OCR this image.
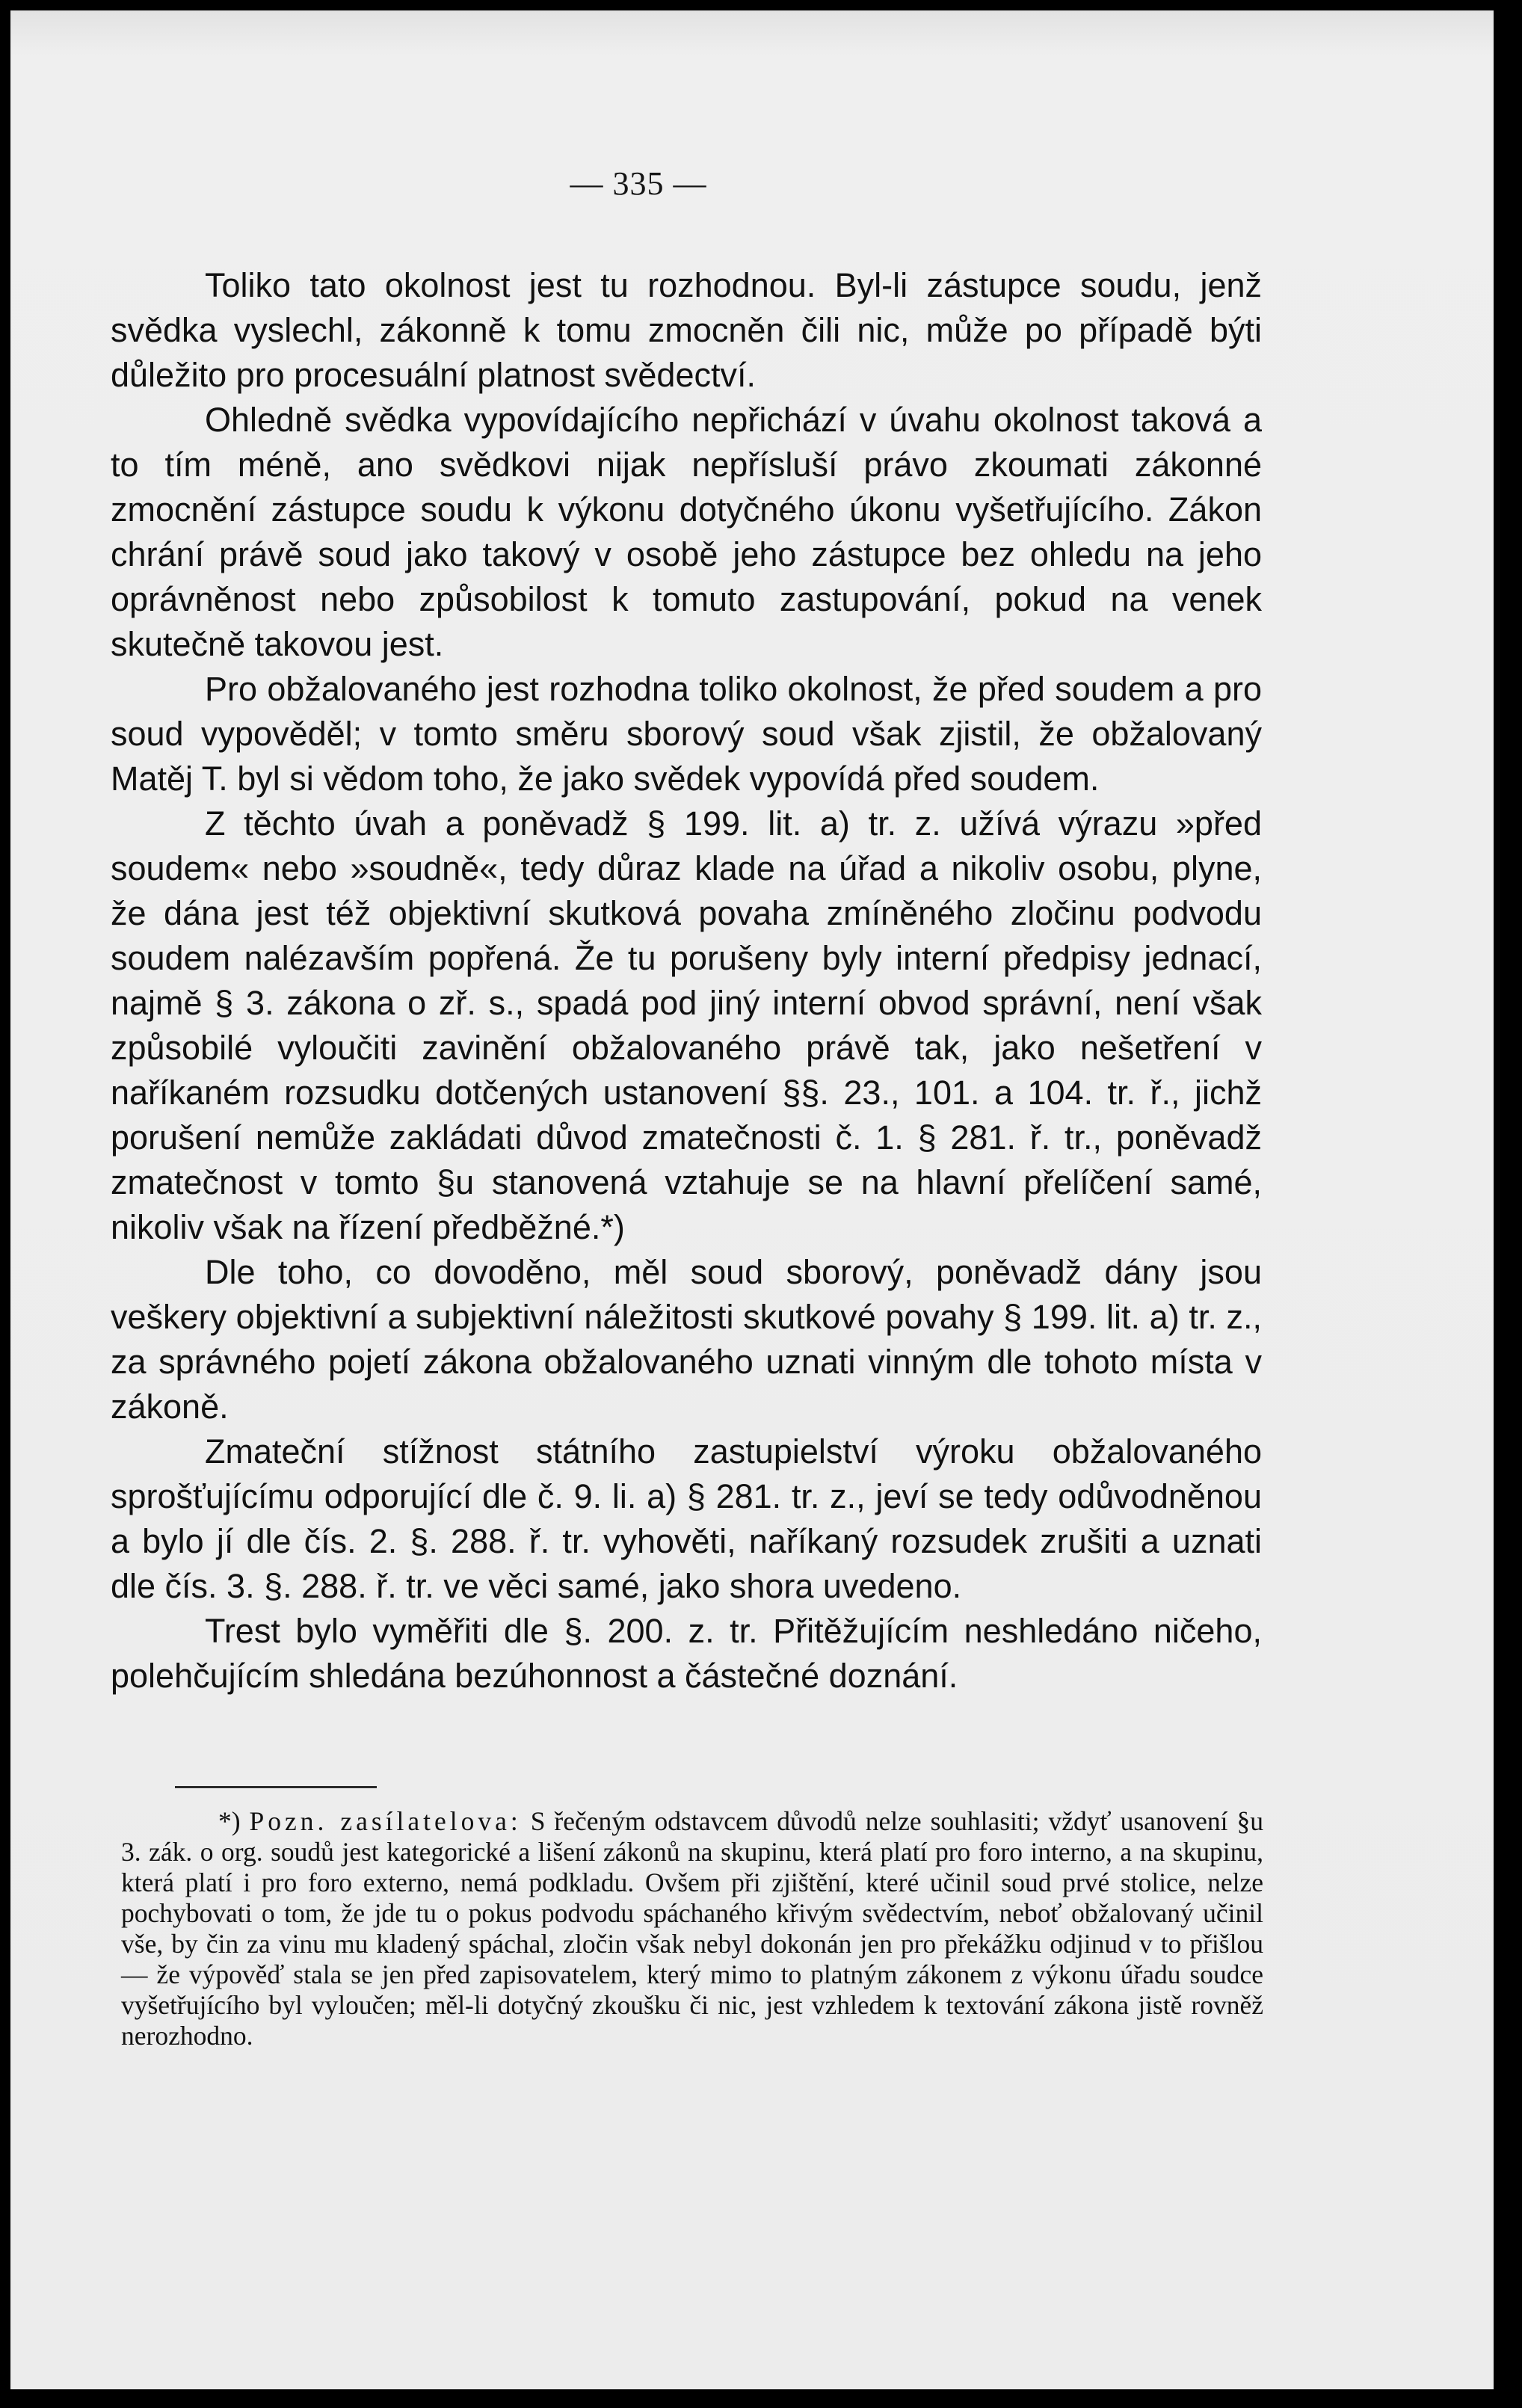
— 335 —

Toliko tato okolnost jest tu rozhodnou. Byl-li zástupce soudu, jenž svědka vyslechl, zákonně k tomu zmocněn čili nic, může po případě býti důležito pro procesuální platnost svědectví.

Ohledně svědka vypovídajícího nepřichází v úvahu okolnost taková a to tím méně, ano svědkovi nijak nepřísluší právo zkoumati zákonné zmocnění zástupce soudu k výkonu dotyčného úkonu vyšetřujícího. Zákon chrání právě soud jako takový v osobě jeho zástupce bez ohledu na jeho oprávněnost nebo způsobilost k tomuto zastupování, pokud na venek skutečně takovou jest.

Pro obžalovaného jest rozhodna toliko okolnost, že před soudem a pro soud vypověděl; v tomto směru sborový soud však zjistil, že obžalovaný Matěj T. byl si vědom toho, že jako svědek vypovídá před soudem.

Z těchto úvah a poněvadž § 199. lit. a) tr. z. užívá výrazu »před soudem« nebo »soudně«, tedy důraz klade na úřad a nikoliv osobu, plyne, že dána jest též objektivní skutková povaha zmíněného zločinu podvodu soudem nalézavším popřená. Že tu porušeny byly interní předpisy jednací, najmě § 3. zákona o zř. s., spadá pod jiný interní obvod správní, není však způsobilé vyloučiti zavinění obžalovaného právě tak, jako nešetření v naříkaném rozsudku dotčených ustanovení §§. 23., 101. a 104. tr. ř., jichž porušení nemůže zakládati důvod zmatečnosti č. 1. § 281. ř. tr., poněvadž zmatečnost v tomto §u stanovená vztahuje se na hlavní přelíčení samé, nikoliv však na řízení předběžné.*)

Dle toho, co dovoděno, měl soud sborový, poněvadž dány jsou veškery objektivní a subjektivní náležitosti skutkové povahy § 199. lit. a) tr. z., za správného pojetí zákona obžalovaného uznati vinným dle tohoto místa v zákoně.

Zmateční stížnost státního zastupielství výroku obžalovaného sprošťujícímu odporující dle č. 9. li. a) § 281. tr. z., jeví se tedy odůvodněnou a bylo jí dle čís. 2. §. 288. ř. tr. vyhověti, naříkaný rozsudek zrušiti a uznati dle čís. 3. §. 288. ř. tr. ve věci samé, jako shora uvedeno.

Trest bylo vyměřiti dle §. 200. z. tr. Přitěžujícím neshledáno ničeho, polehčujícím shledána bezúhonnost a částečné doznání.

*) Pozn. zasílatelova: S řečeným odstavcem důvodů nelze souhlasiti; vždyť usanovení §u 3. zák. o org. soudů jest kategorické a lišení zákonů na skupinu, která platí pro foro interno, a na skupinu, která platí i pro foro externo, nemá podkladu. Ovšem při zjištění, které učinil soud prvé stolice, nelze pochybovati o tom, že jde tu o pokus podvodu spáchaného křivým svědectvím, neboť obžalovaný učinil vše, by čin za vinu mu kladený spáchal, zločin však nebyl dokonán jen pro překážku odjinud v to přišlou — že výpověď stala se jen před zapisovatelem, který mimo to platným zákonem z výkonu úřadu soudce vyšetřujícího byl vyloučen; měl-li dotyčný zkoušku či nic, jest vzhledem k textování zákona jistě rovněž nerozhodno.
